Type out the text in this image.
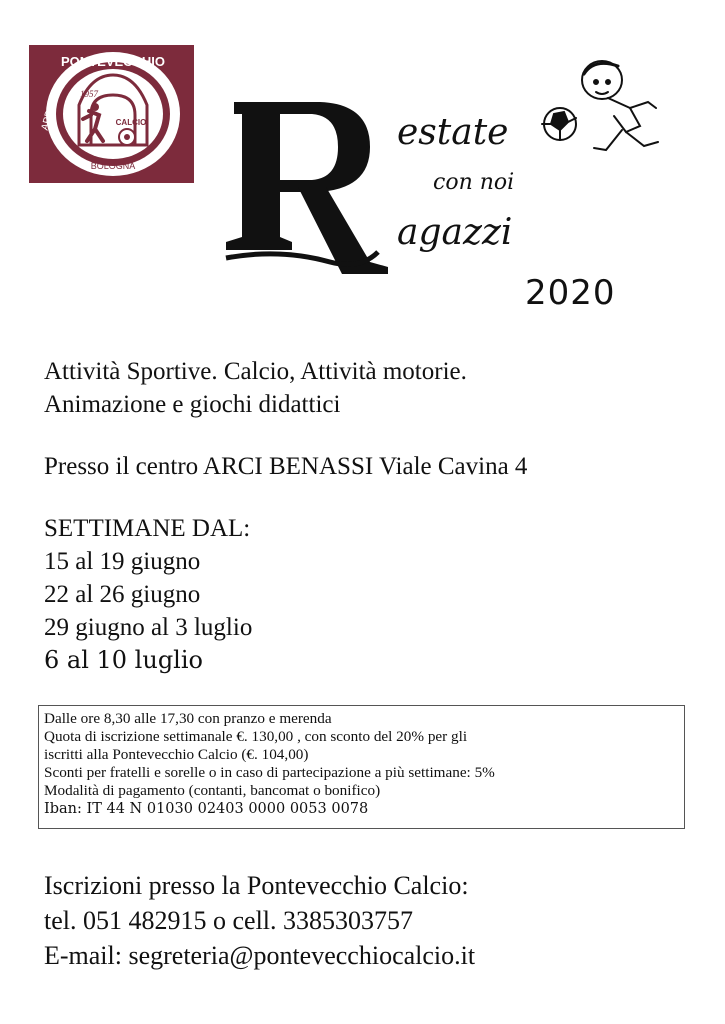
PONTEVECCHIO
APD
1957
CALCIO
BOLOGNA
R
estate
con noi
agazzi
2020
Attività Sportive. Calcio, Attività motorie.
Animazione e giochi didattici
Presso il centro ARCI BENASSI Viale Cavina 4
SETTIMANE DAL:
15 al 19 giugno
22 al 26 giugno
29 giugno al 3 luglio
6 al 10 luglio
Dalle ore 8,30 alle 17,30 con pranzo e merenda
Quota di iscrizione settimanale €. 130,00 , con sconto del 20% per gli
iscritti alla Pontevecchio Calcio (€. 104,00)
Sconti per fratelli e sorelle o in caso di partecipazione a più settimane: 5%
Modalità di pagamento (contanti, bancomat o bonifico)
Iban: IT 44 N 01030 02403 0000 0053 0078
Iscrizioni presso la Pontevecchio Calcio:
tel. 051 482915 o cell. 3385303757
E-mail: segreteria@pontevecchiocalcio.it
